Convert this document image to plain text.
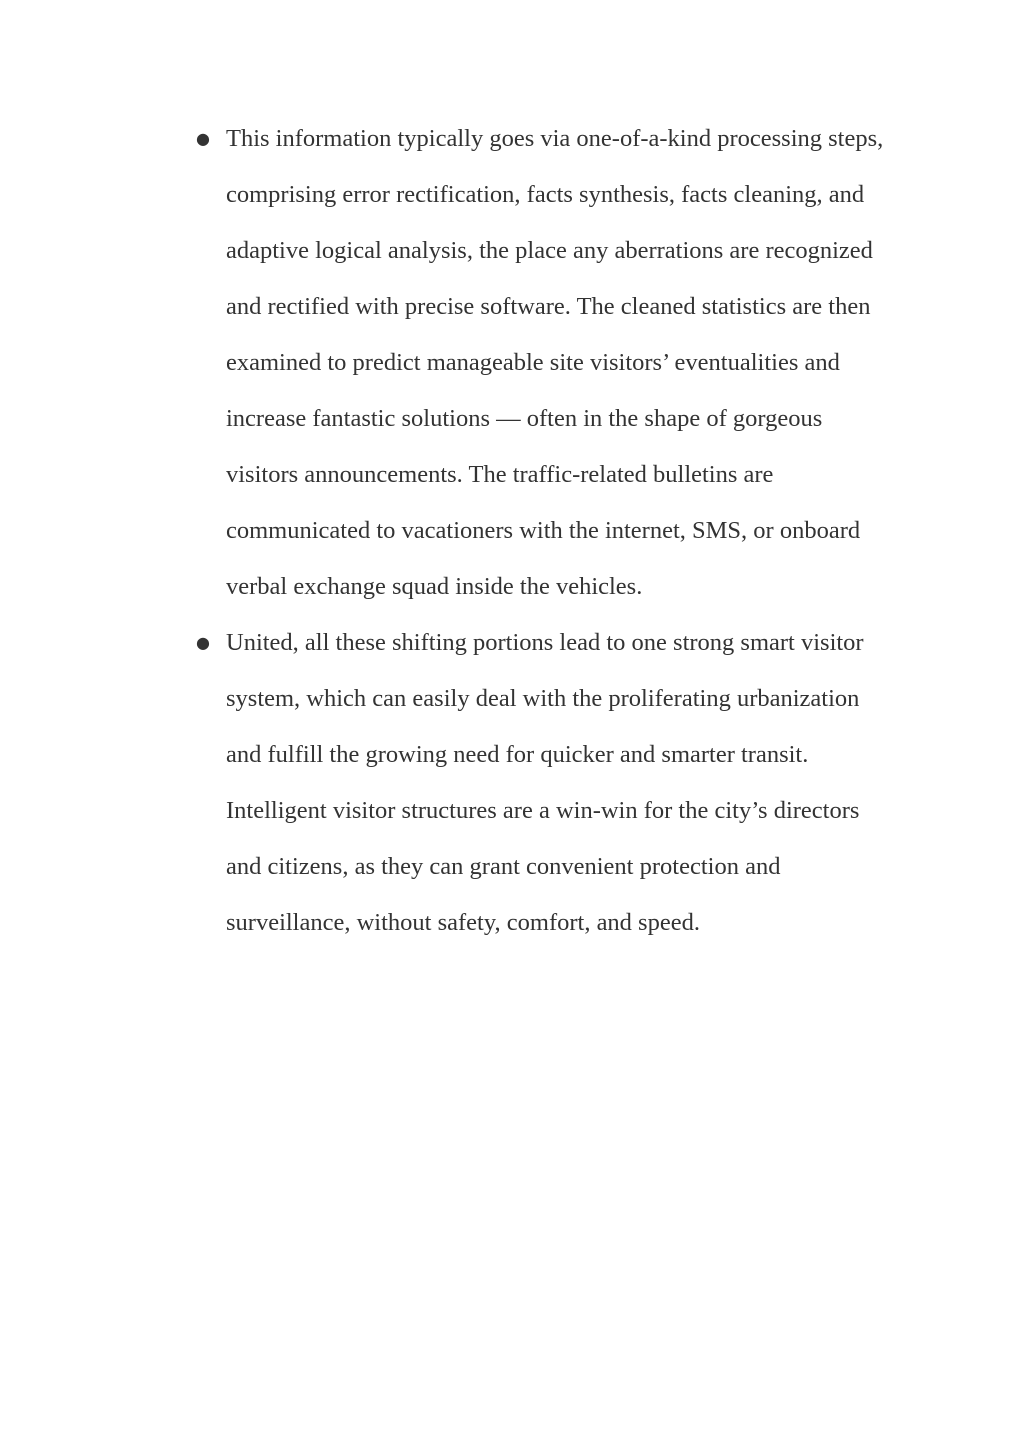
● This information typically goes via one-of-a-kind processing steps, comprising error rectification, facts synthesis, facts cleaning, and adaptive logical analysis, the place any aberrations are recognized and rectified with precise software. The cleaned statistics are then examined to predict manageable site visitors’ eventualities and increase fantastic solutions — often in the shape of gorgeous visitors announcements. The traffic-related bulletins are communicated to vacationers with the internet, SMS, or onboard verbal exchange squad inside the vehicles.
● United, all these shifting portions lead to one strong smart visitor system, which can easily deal with the proliferating urbanization and fulfill the growing need for quicker and smarter transit. Intelligent visitor structures are a win-win for the city’s directors and citizens, as they can grant convenient protection and surveillance, without safety, comfort, and speed.
